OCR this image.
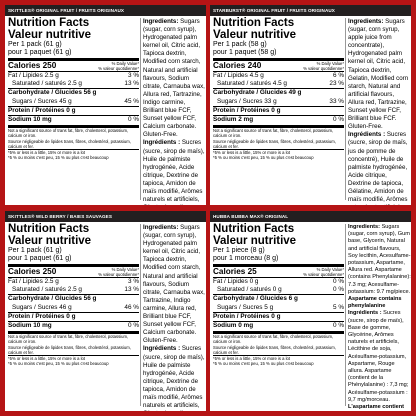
SKITTLES® ORIGINAL FRUIT / FRUITS ORIGINAUX
Nutrition Facts
Valeur nutritive
Per 1 pack (61 g)
pour 1 paquet (61 g)
Calories 250	% Daily Value*
% valeur quotidienne*
Fat / Lipides 2.5 g	3 %
Saturated / saturés 2.5 g	13 %
Carbohydrate / Glucides 56 g
Sugars / Sucres 45 g	45 %
Protein / Protéines 0 g
Sodium 10 mg	0 %
Not a significant source of trans fat, fibre, cholesterol, potassium, calcium or iron.
Source négligeable de lipides trans, fibres, cholestérol, potassium, calcium et fer.
*5% or less is a little, 15% or more is a lot
*5 % ou moins c'est peu, 15 % ou plus c'est beaucoup
Ingredients: Sugars (sugar, corn syrup), Hydrogenated palm kernel oil, Citric acid, Tapioca dextrin, Modified corn starch, Natural and artificial flavours, Sodium citrate, Carnauba wax, Allura red, Tartrazine, Indigo carmine, Brilliant blue FCF, Sunset yellow FCF, Calcium carbonate. Gluten-Free.
Ingrédients : Sucres (sucre, sirop de maïs), Huile de palmiste hydrogénée, Acide citrique, Dextrine de tapioca, Amidon de maïs modifié, Arômes naturels et artificiels,
STARBURST® ORIGINAL FRUIT / FRUITS ORIGINAUX
Nutrition Facts
Valeur nutritive
Per 1 pack (58 g)
pour 1 paquet (58 g)
Calories 240	% Daily Value*
% valeur quotidienne*
Fat / Lipides 4.5 g	6 %
Saturated / saturés 4.5 g	23 %
Carbohydrate / Glucides 49 g
Sugars / Sucres 33 g	33 %
Protein / Protéines 0 g
Sodium 2 mg	0 %
Not a significant source of trans fat, fibre, cholesterol, potassium, calcium or iron.
Source négligeable de lipides trans, fibres, cholestérol, potassium, calcium et fer.
*5% or less is a little, 15% or more is a lot
*5 % ou moins c'est peu, 15 % ou plus c'est beaucoup
Ingredients: Sugars (sugar, corn syrup, apple juice from concentrate), Hydrogenated palm kernel oil, Citric acid, Tapioca dextrin, Gelatin, Modified corn starch, Natural and artificial flavours, Allura red, Tartrazine, Sunset yellow FCF, Brilliant blue FCF. Gluten-Free.
Ingrédients : Sucres (sucre, sirop de maïs, jus de pomme de concentré), Huile de palmiste hydrogénée, Acide citrique, Dextrine de tapioca, Gélatine, Amidon de maïs modifié, Arômes
SKITTLES® WILD BERRY / BAIES SAUVAGES
Nutrition Facts
Valeur nutritive
Per 1 pack (61 g)
pour 1 paquet (61 g)
Calories 250	% Daily Value*
% valeur quotidienne*
Fat / Lipides 2.5 g	3 %
Saturated / saturés 2.5 g	13 %
Carbohydrate / Glucides 56 g
Sugars / Sucres 46 g	46 %
Protein / Protéines 0 g
Sodium 10 mg	0 %
Not a significant source of trans fat, fibre, cholesterol, potassium, calcium or iron.
Source négligeable de lipides trans, fibres, cholestérol, potassium, calcium et fer.
*5% or less is a little, 15% or more is a lot
*5 % ou moins c'est peu, 15 % ou plus c'est beaucoup
Ingredients: Sugars (sugar, corn syrup), Hydrogenated palm kernel oil, Citric acid, Tapioca dextrin, Modified corn starch, Natural and artificial flavours, Sodium citrate, Carnauba wax, Tartrazine, Indigo carmine, Allura red, Brilliant blue FCF, Sunset yellow FCF, Calcium carbonate. Gluten-Free.
Ingrédients : Sucres (sucre, sirop de maïs), Huile de palmiste hydrogénée, Acide citrique, Dextrine de tapioca, Amidon de maïs modifié, Arômes naturels et artificiels,
HUBBA BUBBA MAX® ORIGINAL
Nutrition Facts
Valeur nutritive
Per 1 piece (8 g)
pour 1 morceau (8 g)
Calories 25	% Daily Value*
% valeur quotidienne*
Fat / Lipides 0 g	0 %
Saturated / saturés 0 g	0 %
Carbohydrate / Glucides 6 g
Sugars / Sucres 5 g	5 %
Protein / Protéines 0 g
Sodium 0 mg	0 %
Not a significant source of trans fat, fibre, cholesterol, potassium, calcium or iron.
Source négligeable de lipides trans, fibres, cholestérol, potassium, calcium et fer.
*5% or less is a little, 15% or more is a lot
*5 % ou moins c'est peu, 15 % ou plus c'est beaucoup
Ingredients: Sugars (sugar, corn syrup), Gum base, Glycerin, Natural and artificial flavours, Soy lecithin, Acesulfame-potassium, Aspartame, Allura red. Aspartame (contains Phenylalanine): 7.3 mg; Acesulfame-potassium: 9.7 mg/piece. Aspartame contains phenylalanine
Ingrédients : Sucres (sucre, sirop de maïs), Base de gomme, Glycérine, Arômes naturels et artificiels, Lécithine de soja, Acésulfame-potassium, Aspartame, Rouge allura. Aspartame (contient de la Phénylalanine) : 7,3 mg; Acésulfame-potassium : 9,7 mg/morceau. L'aspartame contient
